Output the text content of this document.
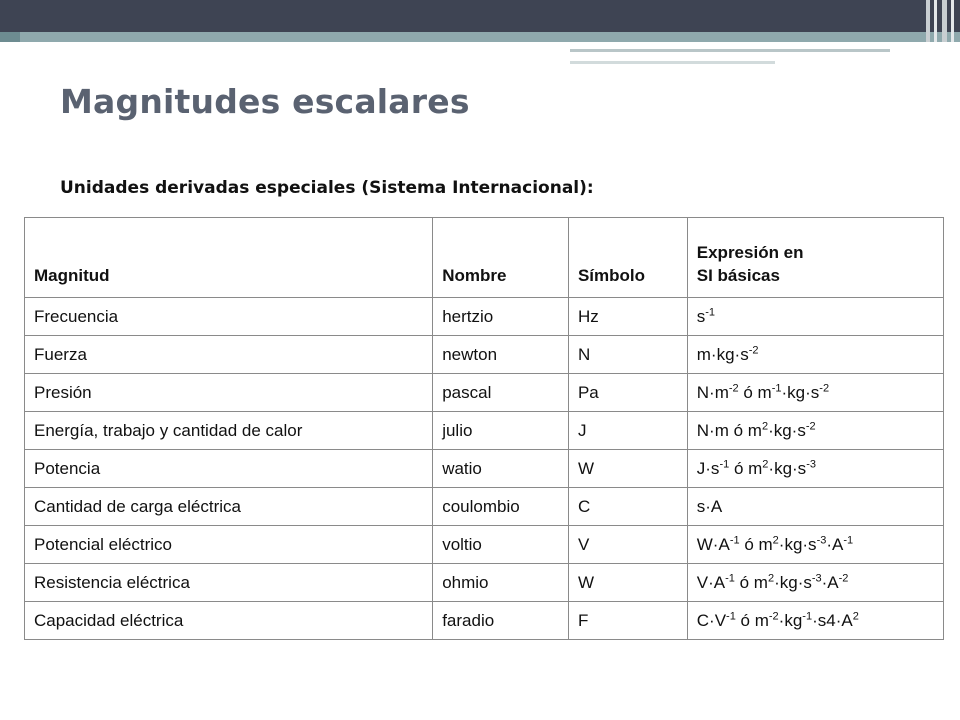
Magnitudes escalares

Unidades derivadas especiales (Sistema Internacional):

Magnitud	Nombre	Símbolo	Expresión en
SI básicas
Frecuencia	hertzio	Hz	$s^{-1}$
Fuerza	newton	N	$m\cdot kg\cdot s^{-2}$
Presión	pascal	Pa	$N\cdot m^{-2}$ ó $m^{-1}\cdot kg\cdot s^{-2}$
Energía, trabajo y cantidad de calor	julio	J	N·m ó $m^2\cdot kg\cdot s^{-2}$
Potencia	watio	W	$J\cdot s^{-1}$ ó $m^2\cdot kg\cdot s^{-3}$
Cantidad de carga eléctrica	coulombio	C	s·A
Potencial eléctrico	voltio	V	$W\cdot A^{-1}$ ó $m^2\cdot kg\cdot s^{-3}\cdot A^{-1}$
Resistencia eléctrica	ohmio	W	$V\cdot A^{-1}$ ó $m^2\cdot kg\cdot s^{-3}\cdot A^{-2}$
Capacidad eléctrica	faradio	F	$C\cdot V^{-1}$ ó $m^{-2}\cdot kg^{-1}\cdot s4\cdot A^2$
